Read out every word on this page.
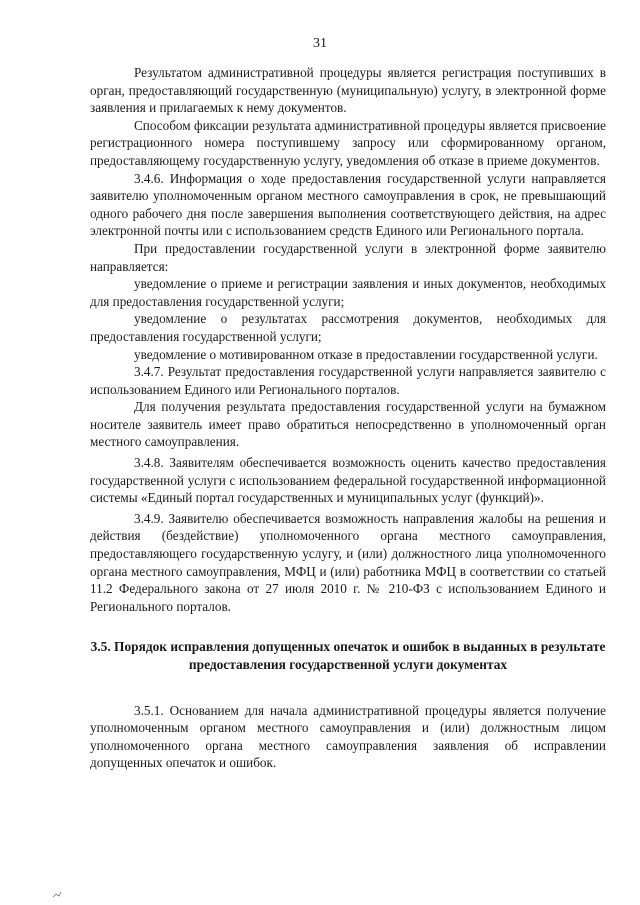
31

Результатом административной процедуры является регистрация поступивших в орган, предоставляющий государственную (муниципальную) услугу, в электронной форме заявления и прилагаемых к нему документов.

Способом фиксации результата административной процедуры является присвоение регистрационного номера поступившему запросу или сформированному органом, предоставляющему государственную услугу, уведомления об отказе в приеме документов.

3.4.6. Информация о ходе предоставления государственной услуги направляется заявителю уполномоченным органом местного самоуправления в срок, не превышающий одного рабочего дня после завершения выполнения соответствующего действия, на адрес электронной почты или с использованием средств Единого или Регионального портала.

При предоставлении государственной услуги в электронной форме заявителю направляется:

уведомление о приеме и регистрации заявления и иных документов, необходимых для предоставления государственной услуги;

уведомление о результатах рассмотрения документов, необходимых для предоставления государственной услуги;

уведомление о мотивированном отказе в предоставлении государственной услуги.

3.4.7. Результат предоставления государственной услуги направляется заявителю с использованием Единого или Регионального порталов.

Для получения результата предоставления государственной услуги на бумажном носителе заявитель имеет право обратиться непосредственно в уполномоченный орган местного самоуправления.

3.4.8. Заявителям обеспечивается возможность оценить качество предоставления государственной услуги с использованием федеральной государственной информационной системы «Единый портал государственных и муниципальных услуг (функций)».

3.4.9. Заявителю обеспечивается возможность направления жалобы на решения и действия (бездействие) уполномоченного органа местного самоуправления, предоставляющего государственную услугу, и (или) должностного лица уполномоченного органа местного самоуправления, МФЦ и (или) работника МФЦ в соответствии со статьей 11.2 Федерального закона от 27 июля 2010 г. № 210-ФЗ с использованием Единого и Регионального порталов.

3.5. Порядок исправления допущенных опечаток и ошибок в выданных в результате предоставления государственной услуги документах

3.5.1. Основанием для начала административной процедуры является получение уполномоченным органом местного самоуправления и (или) должностным лицом уполномоченного органа местного самоуправления заявления об исправлении допущенных опечаток и ошибок.
